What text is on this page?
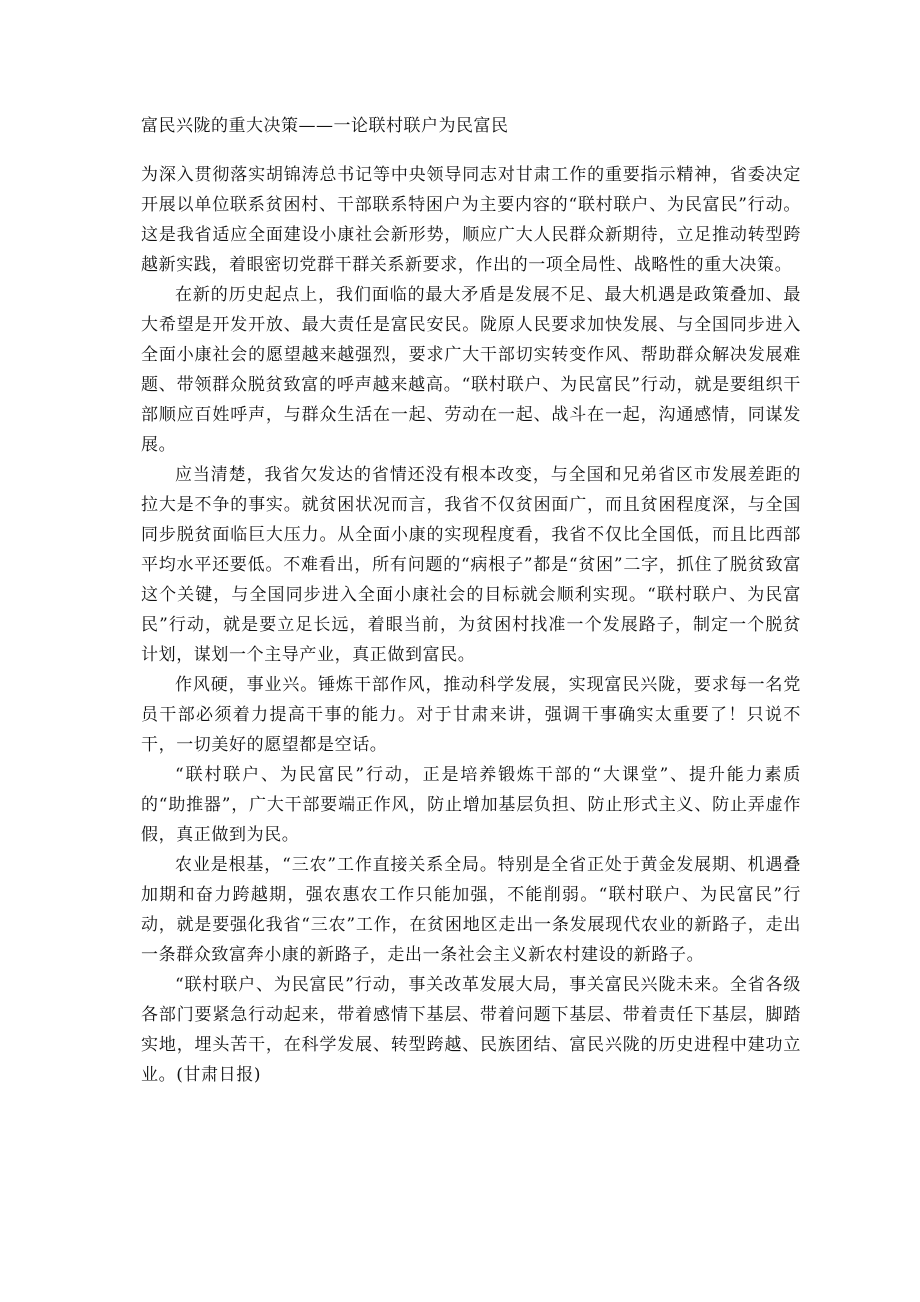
富民兴陇的重大决策——一论联村联户为民富民

为深入贯彻落实胡锦涛总书记等中央领导同志对甘肃工作的重要指示精神，省委决定开展以单位联系贫困村、干部联系特困户为主要内容的“联村联户、为民富民”行动。这是我省适应全面建设小康社会新形势，顺应广大人民群众新期待，立足推动转型跨越新实践，着眼密切党群干群关系新要求，作出的一项全局性、战略性的重大决策。

在新的历史起点上，我们面临的最大矛盾是发展不足、最大机遇是政策叠加、最大希望是开发开放、最大责任是富民安民。陇原人民要求加快发展、与全国同步进入全面小康社会的愿望越来越强烈，要求广大干部切实转变作风、帮助群众解决发展难题、带领群众脱贫致富的呼声越来越高。“联村联户、为民富民”行动，就是要组织干部顺应百姓呼声，与群众生活在一起、劳动在一起、战斗在一起，沟通感情，同谋发展。

应当清楚，我省欠发达的省情还没有根本改变，与全国和兄弟省区市发展差距的拉大是不争的事实。就贫困状况而言，我省不仅贫困面广，而且贫困程度深，与全国同步脱贫面临巨大压力。从全面小康的实现程度看，我省不仅比全国低，而且比西部平均水平还要低。不难看出，所有问题的“病根子”都是“贫困”二字，抓住了脱贫致富这个关键，与全国同步进入全面小康社会的目标就会顺利实现。“联村联户、为民富民”行动，就是要立足长远，着眼当前，为贫困村找准一个发展路子，制定一个脱贫计划，谋划一个主导产业，真正做到富民。

作风硬，事业兴。锤炼干部作风，推动科学发展，实现富民兴陇，要求每一名党员干部必须着力提高干事的能力。对于甘肃来讲，强调干事确实太重要了！只说不干，一切美好的愿望都是空话。

“联村联户、为民富民”行动，正是培养锻炼干部的“大课堂”、提升能力素质的“助推器”，广大干部要端正作风，防止增加基层负担、防止形式主义、防止弄虚作假，真正做到为民。

农业是根基，“三农”工作直接关系全局。特别是全省正处于黄金发展期、机遇叠加期和奋力跨越期，强农惠农工作只能加强，不能削弱。“联村联户、为民富民”行动，就是要强化我省“三农”工作，在贫困地区走出一条发展现代农业的新路子，走出一条群众致富奔小康的新路子，走出一条社会主义新农村建设的新路子。

“联村联户、为民富民”行动，事关改革发展大局，事关富民兴陇未来。全省各级各部门要紧急行动起来，带着感情下基层、带着问题下基层、带着责任下基层，脚踏实地，埋头苦干，在科学发展、转型跨越、民族团结、富民兴陇的历史进程中建功立业。(甘肃日报)
